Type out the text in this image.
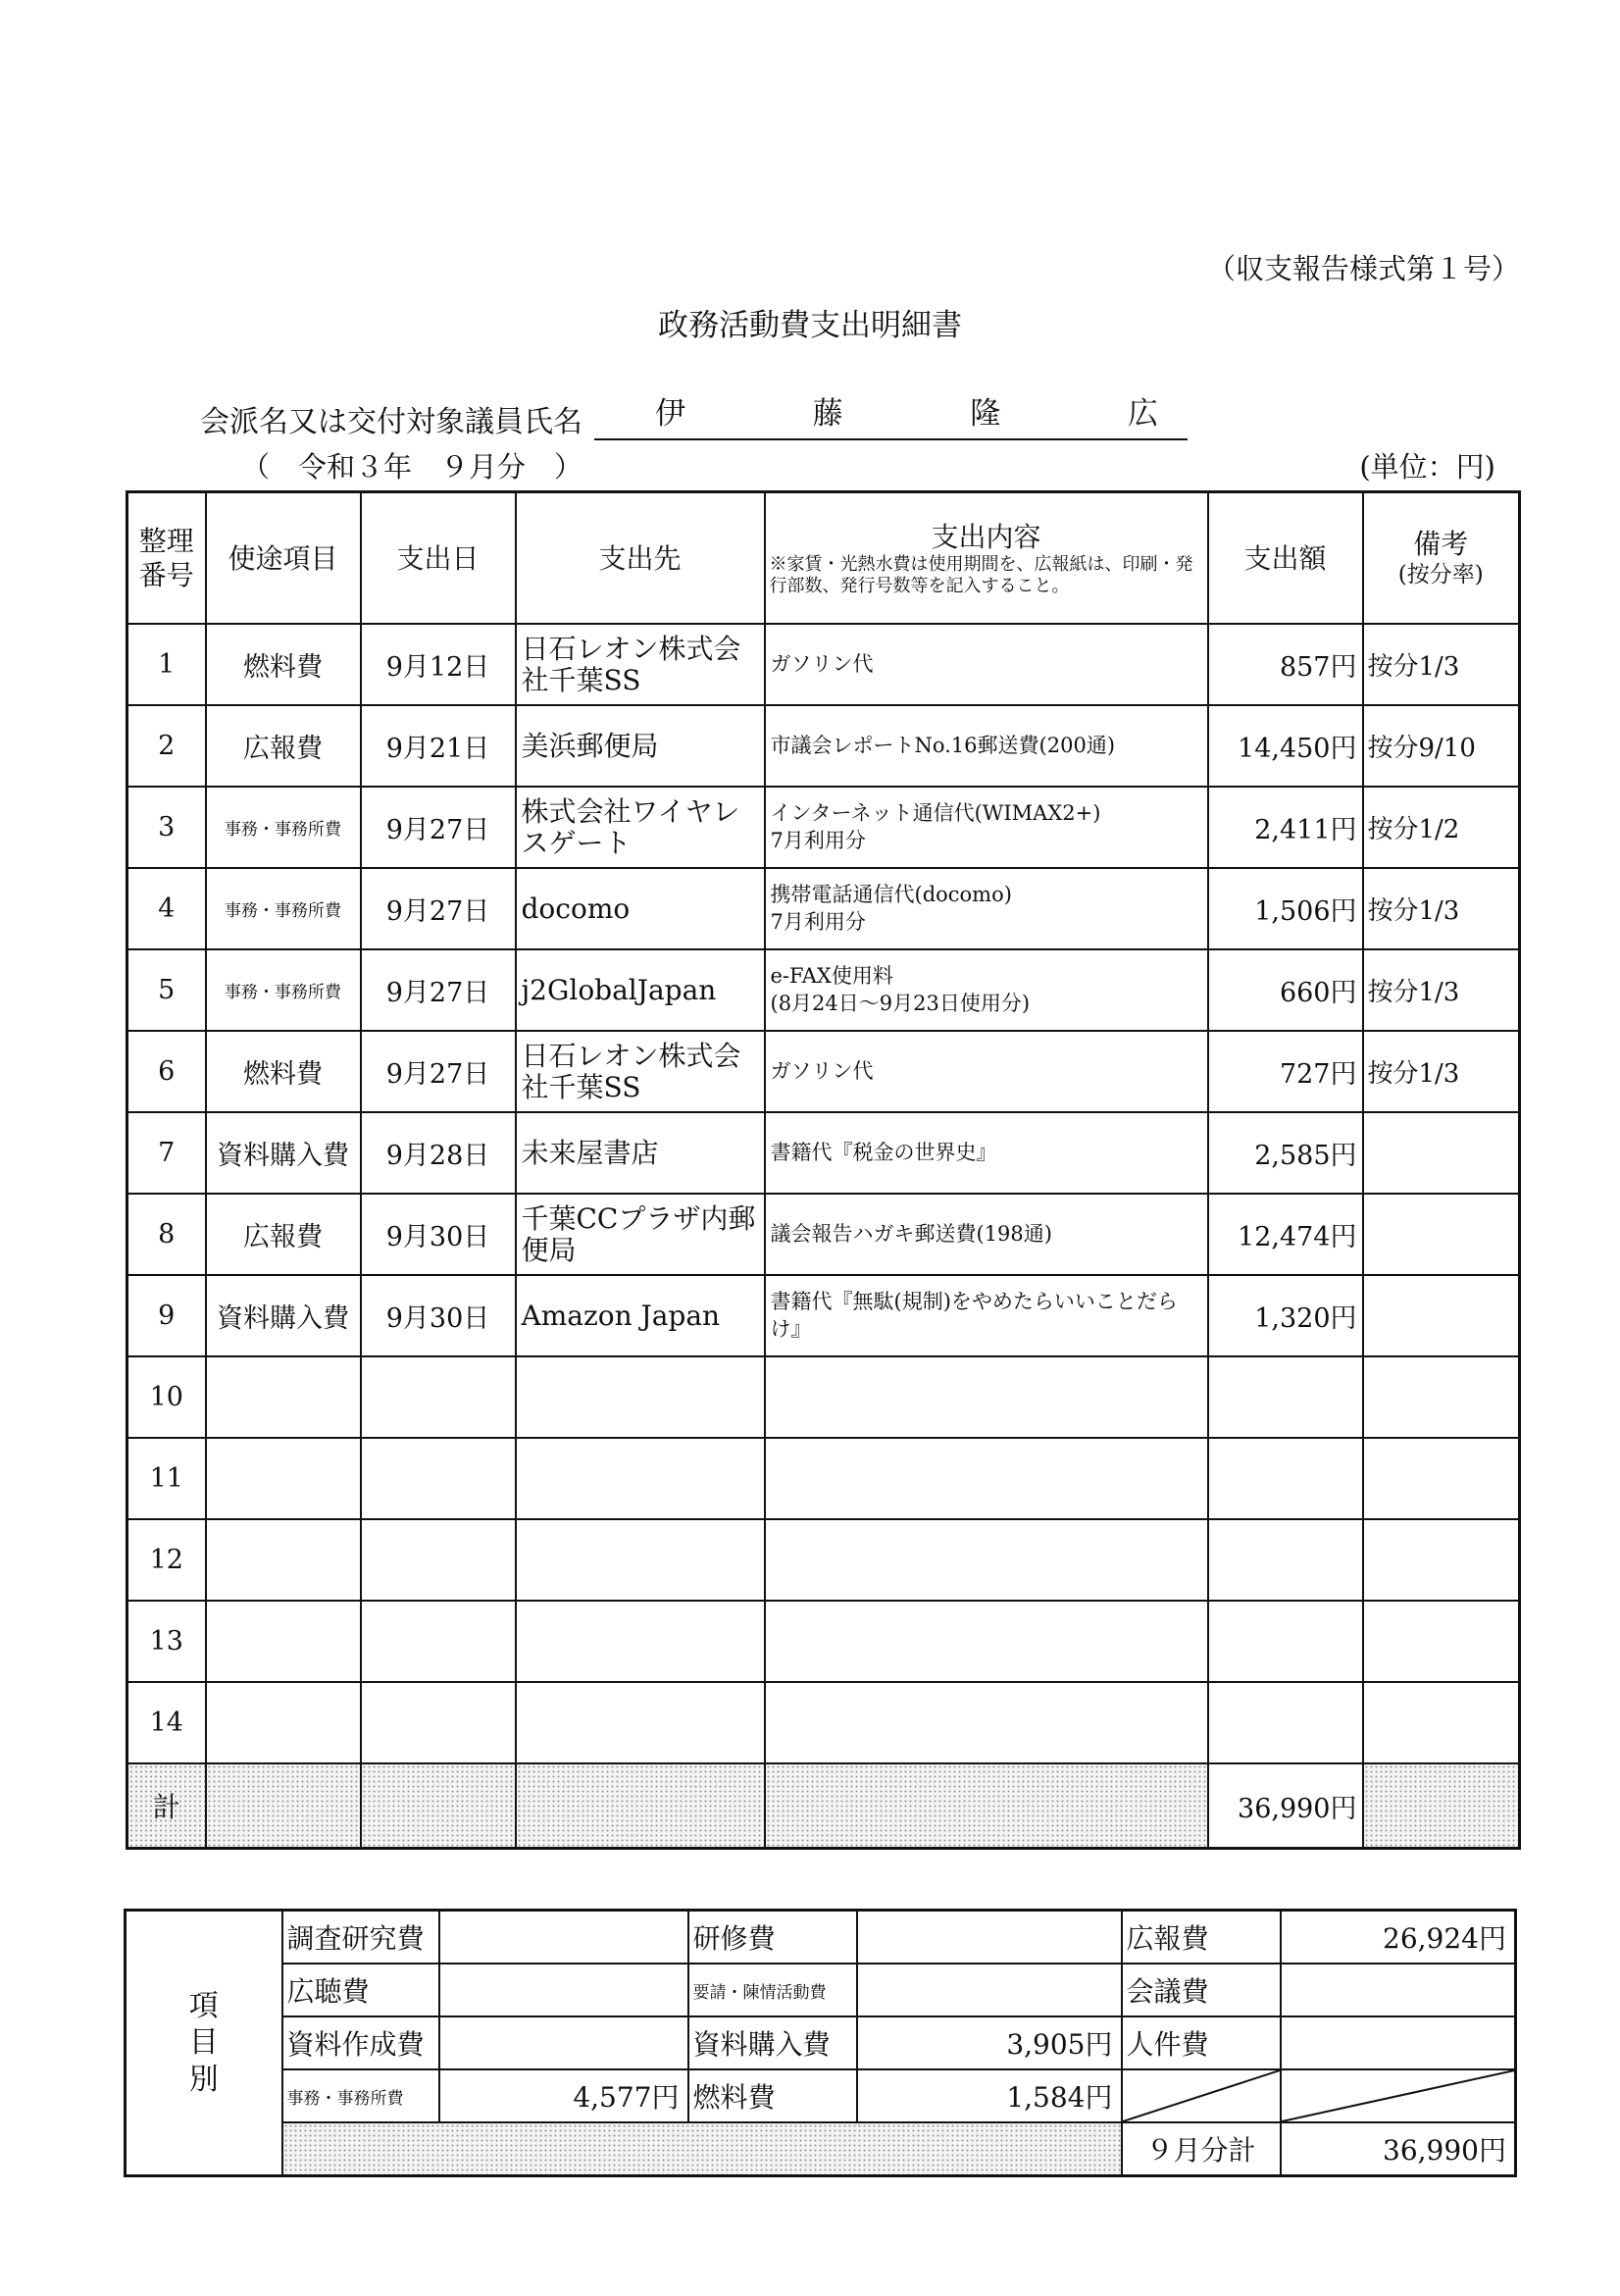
（収支報告様式第１号）
政務活動費支出明細書
会派名又は交付対象議員氏名 伊	藤	隆	広
（　令和３年　９月分　）	(単位：円)
整理
番号	使途項目	支出日	支出先	支出内容
※家賃・光熱水費は使用期間を、広報紙は、印刷・発行部数、発行号数等を記入すること。	支出額	備考
(按分率)

1	燃料費	9月12日	日石レオン株式会社千葉SS	ガソリン代	857円	按分1/3
2	広報費	9月21日	美浜郵便局	市議会レポートNo.16郵送費(200通)	14,450円	按分9/10
3	事務・事務所費	9月27日	株式会社ワイヤレスゲート	インターネット通信代(WIMAX2+)
7月利用分	2,411円	按分1/2
4	事務・事務所費	9月27日	docomo	携帯電話通信代(docomo)
7月利用分	1,506円	按分1/3
5	事務・事務所費	9月27日	j2GlobalJapan	e-FAX使用料
(8月24日～9月23日使用分)	660円	按分1/3
6	燃料費	9月27日	日石レオン株式会社千葉SS	ガソリン代	727円	按分1/3
7	資料購入費	9月28日	未来屋書店	書籍代『税金の世界史』	2,585円	
8	広報費	9月30日	千葉CCプラザ内郵便局	議会報告ハガキ郵送費(198通)	12,474円	
9	資料購入費	9月30日	Amazon Japan	書籍代『無駄(規制)をやめたらいいことだらけ』	1,320円	
10						
11						
12						
13						
14						
計					36,990円	
項
目
別	調査研究費		研修費		広報費	26,924円
	広聴費		要請・陳情活動費		会議費	
	資料作成費		資料購入費	3,905円	人件費	
	事務・事務所費	4,577円	燃料費	1,584円	

					９月分計	36,990円
